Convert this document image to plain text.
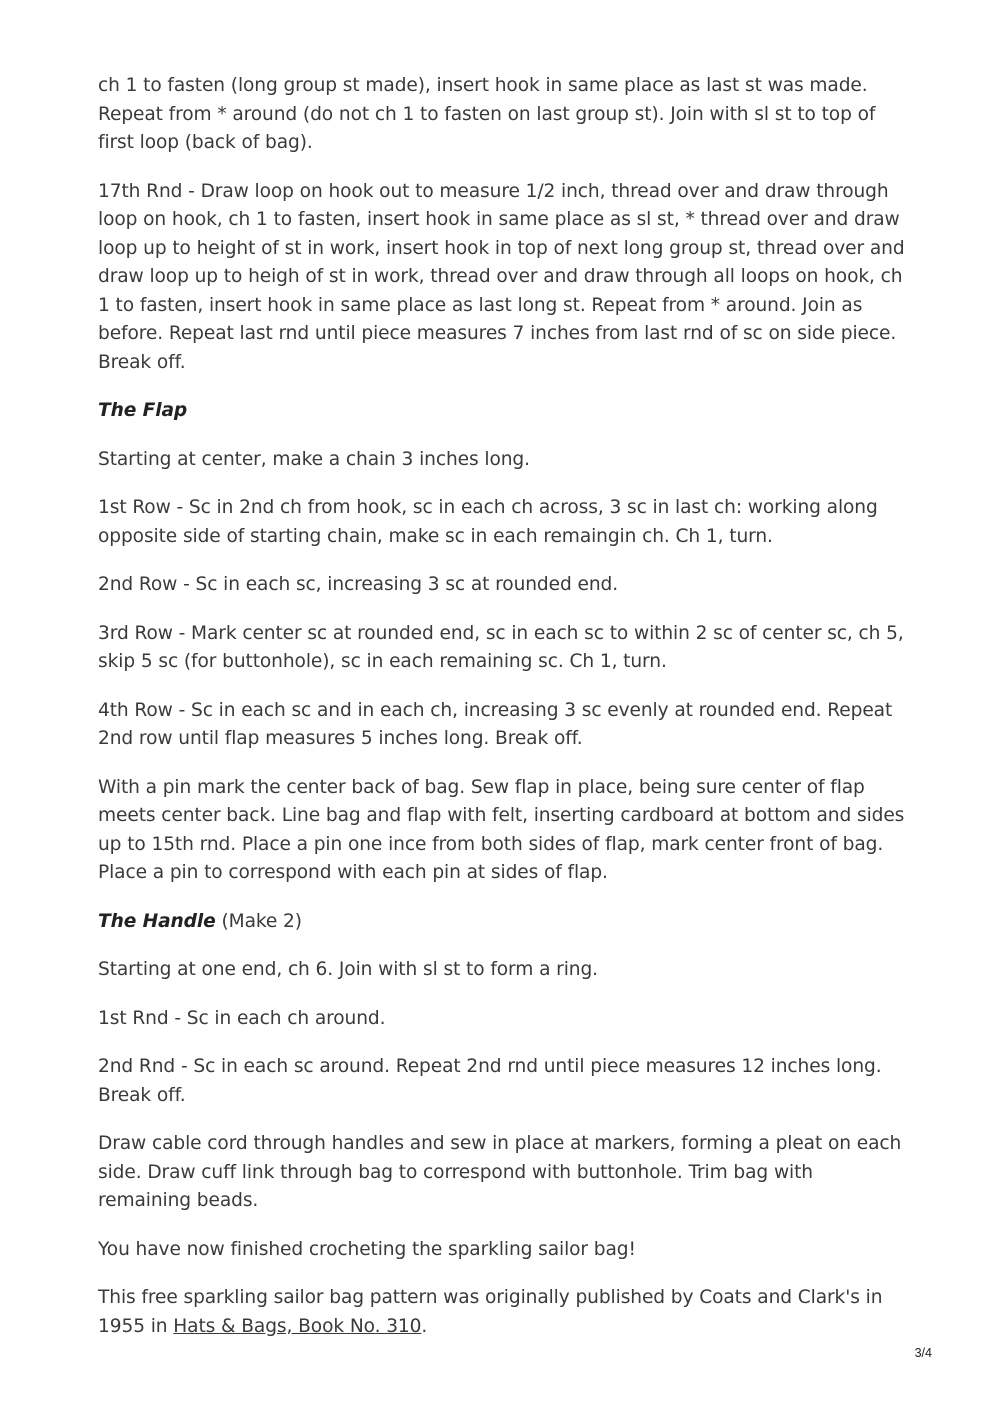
ch 1 to fasten (long group st made), insert hook in same place as last st was made. Repeat from * around (do not ch 1 to fasten on last group st). Join with sl st to top of first loop (back of bag).

17th Rnd - Draw loop on hook out to measure 1/2 inch, thread over and draw through loop on hook, ch 1 to fasten, insert hook in same place as sl st, * thread over and draw loop up to height of st in work, insert hook in top of next long group st, thread over and draw loop up to heigh of st in work, thread over and draw through all loops on hook, ch 1 to fasten, insert hook in same place as last long st. Repeat from * around. Join as before. Repeat last rnd until piece measures 7 inches from last rnd of sc on side piece. Break off.

The Flap

Starting at center, make a chain 3 inches long.

1st Row - Sc in 2nd ch from hook, sc in each ch across, 3 sc in last ch: working along opposite side of starting chain, make sc in each remaingin ch. Ch 1, turn.

2nd Row - Sc in each sc, increasing 3 sc at rounded end.

3rd Row - Mark center sc at rounded end, sc in each sc to within 2 sc of center sc, ch 5, skip 5 sc (for buttonhole), sc in each remaining sc. Ch 1, turn.

4th Row - Sc in each sc and in each ch, increasing 3 sc evenly at rounded end. Repeat 2nd row until flap measures 5 inches long. Break off.

With a pin mark the center back of bag. Sew flap in place, being sure center of flap meets center back. Line bag and flap with felt, inserting cardboard at bottom and sides up to 15th rnd. Place a pin one ince from both sides of flap, mark center front of bag. Place a pin to correspond with each pin at sides of flap.

The Handle (Make 2)

Starting at one end, ch 6. Join with sl st to form a ring.

1st Rnd - Sc in each ch around.

2nd Rnd - Sc in each sc around. Repeat 2nd rnd until piece measures 12 inches long. Break off.

Draw cable cord through handles and sew in place at markers, forming a pleat on each side. Draw cuff link through bag to correspond with buttonhole. Trim bag with remaining beads.

You have now finished crocheting the sparkling sailor bag!

This free sparkling sailor bag pattern was originally published by Coats and Clark's in 1955 in Hats & Bags, Book No. 310.

3/4
